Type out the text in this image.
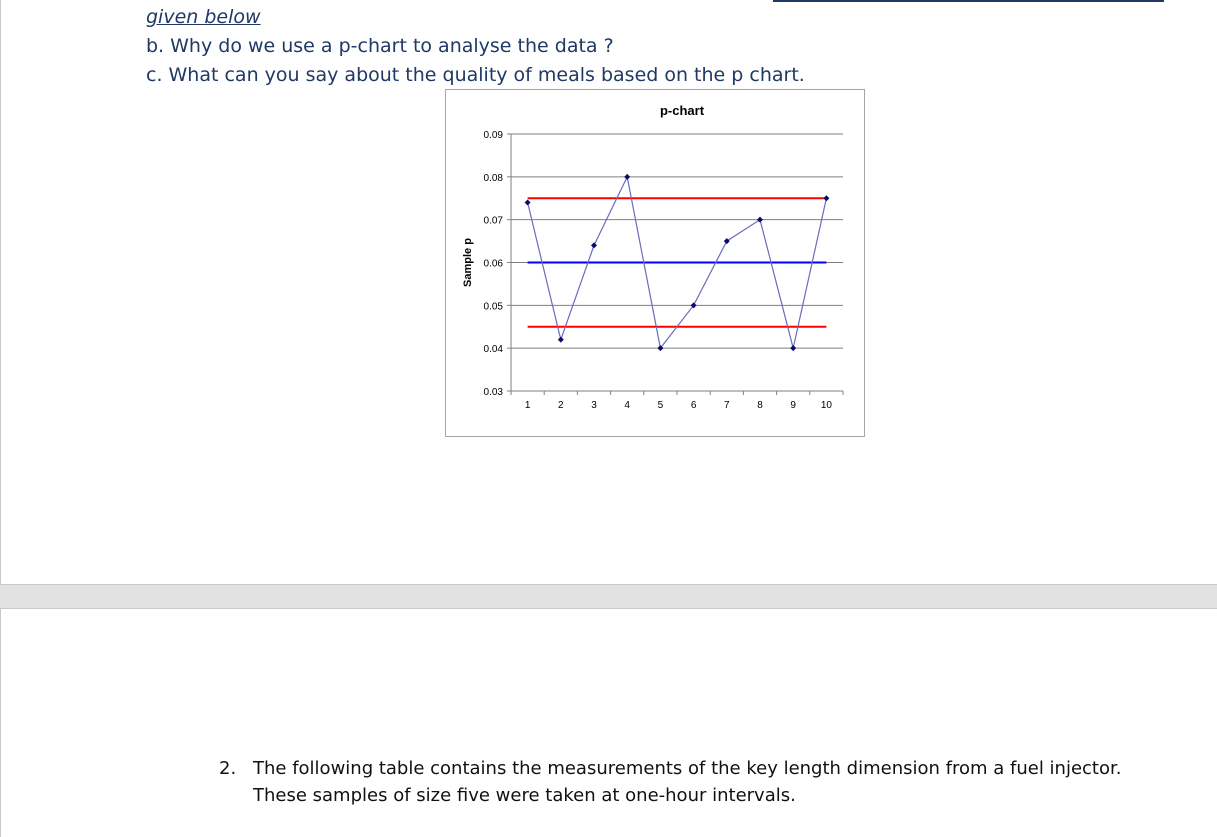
given below
b. Why do we use a p-chart to analyse the data ?
c. What can you say about the quality of meals based on the p chart.
p-chart
0.03
0.04
0.05
0.06
0.07
0.08
0.09
1	2	3	4	5	6	7	8	9 10
Sample p
2. The following table contains the measurements of the key length dimension from a fuel injector.
These samples of size five were taken at one-hour intervals.
